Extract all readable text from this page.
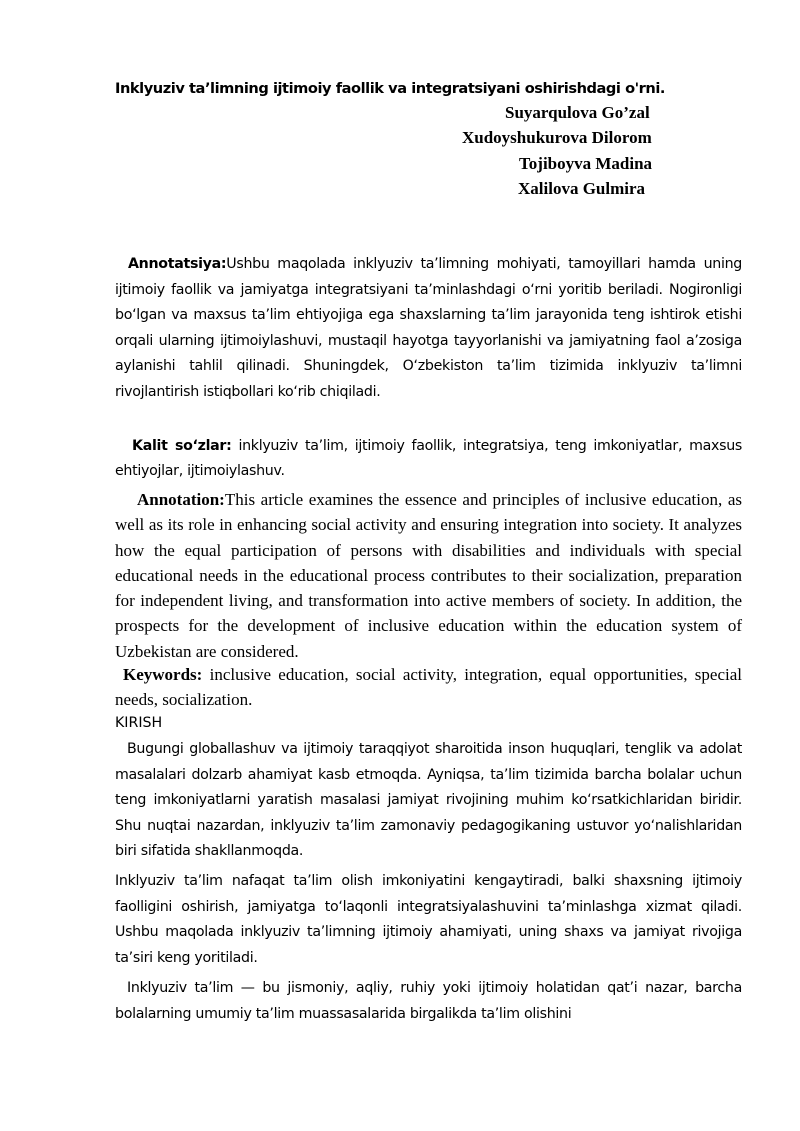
Inklyuziv ta’limning ijtimoiy faollik va integratsiyani oshirishdagi o'rni.
Suyarqulova Go’zal
Xudoyshukurova Dilorom
Tojiboyva Madina
Xalilova Gulmira
Annotatsiya:Ushbu maqolada inklyuziv ta’limning mohiyati, tamoyillari hamda uning ijtimoiy faollik va jamiyatga integratsiyani ta’minlashdagi o‘rni yoritib beriladi. Nogironligi bo‘lgan va maxsus ta’lim ehtiyojiga ega shaxslarning ta’lim jarayonida teng ishtirok etishi orqali ularning ijtimoiylashuvi, mustaqil hayotga tayyorlanishi va jamiyatning faol a’zosiga aylanishi tahlil qilinadi. Shuningdek, O‘zbekiston ta’lim tizimida inklyuziv ta’limni rivojlantirish istiqbollari ko‘rib chiqiladi.
Kalit so‘zlar: inklyuziv ta’lim, ijtimoiy faollik, integratsiya, teng imkoniyatlar, maxsus ehtiyojlar, ijtimoiylashuv.
Annotation:This article examines the essence and principles of inclusive education, as well as its role in enhancing social activity and ensuring integration into society. It analyzes how the equal participation of persons with disabilities and individuals with special educational needs in the educational process contributes to their socialization, preparation for independent living, and transformation into active members of society. In addition, the prospects for the development of inclusive education within the education system of Uzbekistan are considered.
Keywords: inclusive education, social activity, integration, equal opportunities, special needs, socialization.
KIRISH
Bugungi globallashuv va ijtimoiy taraqqiyot sharoitida inson huquqlari, tenglik va adolat masalalari dolzarb ahamiyat kasb etmoqda. Ayniqsa, ta’lim tizimida barcha bolalar uchun teng imkoniyatlarni yaratish masalasi jamiyat rivojining muhim ko‘rsatkichlaridan biridir. Shu nuqtai nazardan, inklyuziv ta’lim zamonaviy pedagogikaning ustuvor yo‘nalishlaridan biri sifatida shakllanmoqda.
Inklyuziv ta’lim nafaqat ta’lim olish imkoniyatini kengaytiradi, balki shaxsning ijtimoiy faolligini oshirish, jamiyatga to‘laqonli integratsiyalashuvini ta’minlashga xizmat qiladi. Ushbu maqolada inklyuziv ta’limning ijtimoiy ahamiyati, uning shaxs va jamiyat rivojiga ta’siri keng yoritiladi.
Inklyuziv ta’lim — bu jismoniy, aqliy, ruhiy yoki ijtimoiy holatidan qat’i nazar, barcha bolalarning umumiy ta’lim muassasalarida birgalikda ta’lim olishini
